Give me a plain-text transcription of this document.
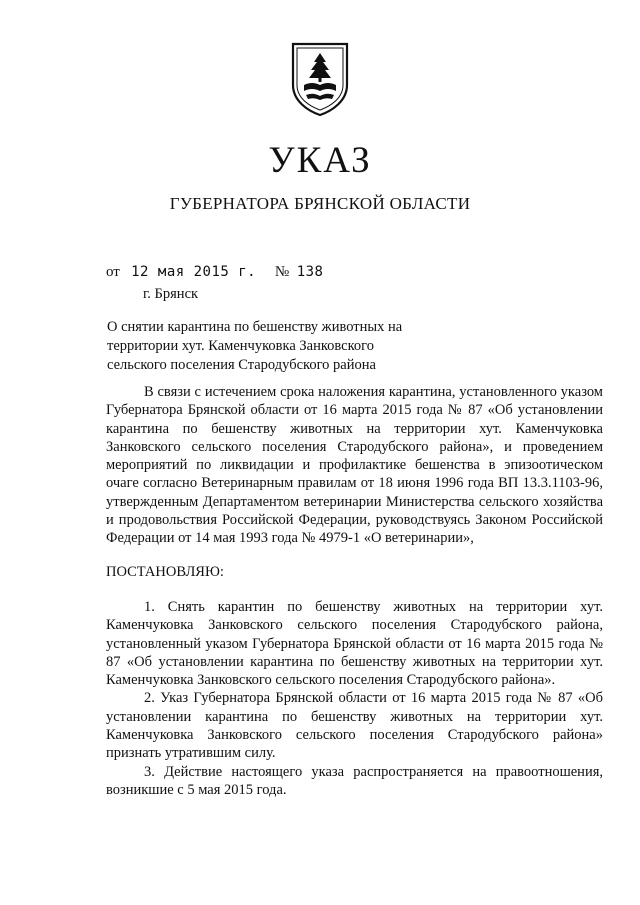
УКАЗ
ГУБЕРНАТОРА БРЯНСКОЙ ОБЛАСТИ
от 12 мая 2015 г. № 138
г. Брянск
О снятии карантина по бешенству животных на территории хут. Каменчуковка Занковского сельского поселения Стародубского района
В связи с истечением срока наложения карантина, установленного указом Губернатора Брянской области от 16 марта 2015 года № 87 «Об установлении карантина по бешенству животных на территории хут. Каменчуковка Занковского сельского поселения Стародубского района», и проведением мероприятий по ликвидации и профилактике бешенства в эпизоотическом очаге согласно Ветеринарным правилам от 18 июня 1996 года ВП 13.3.1103-96, утвержденным Департаментом ветеринарии Министерства сельского хозяйства и продовольствия Российской Федерации, руководствуясь Законом Российской Федерации от 14 мая 1993 года № 4979-1 «О ветеринарии»,
ПОСТАНОВЛЯЮ:

1. Снять карантин по бешенству животных на территории хут. Каменчуковка Занковского сельского поселения Стародубского района, установленный указом Губернатора Брянской области от 16 марта 2015 года № 87 «Об установлении карантина по бешенству животных на территории хут. Каменчуковка Занковского сельского поселения Стародубского района».

2. Указ Губернатора Брянской области от 16 марта 2015 года № 87 «Об установлении карантина по бешенству животных на территории хут. Каменчуковка Занковского сельского поселения Стародубского района» признать утратившим силу.

3. Действие настоящего указа распространяется на правоотношения, возникшие с 5 мая 2015 года.
